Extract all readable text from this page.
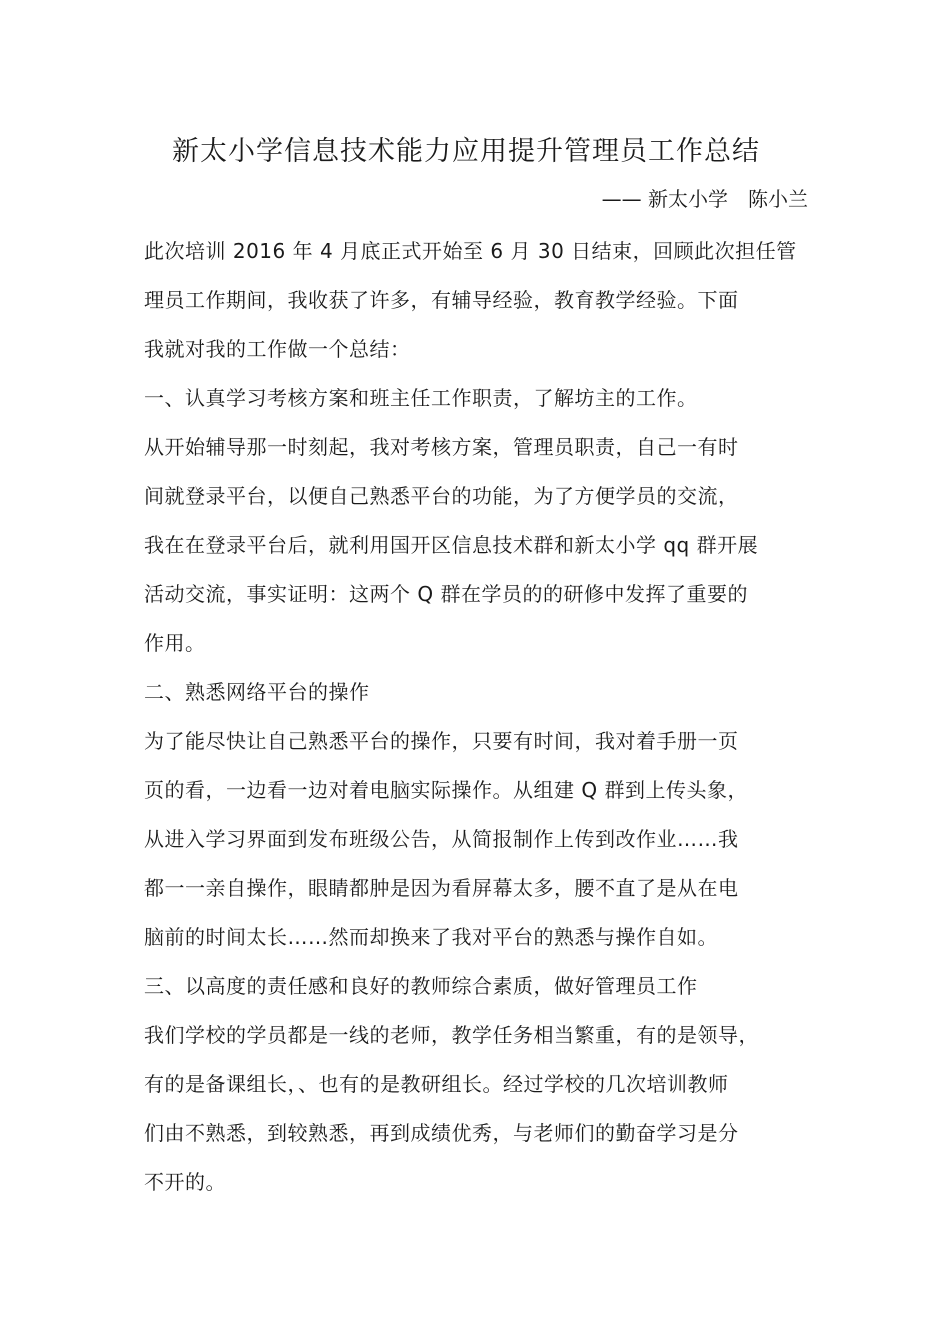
新太小学信息技术能力应用提升管理员工作总结

—— 新太小学　陈小兰

此次培训 2016 年 4 月底正式开始至 6 月 30 日结束，回顾此次担任管
理员工作期间，我收获了许多，有辅导经验，教育教学经验。下面
我就对我的工作做一个总结：
一、认真学习考核方案和班主任工作职责，了解坊主的工作。
从开始辅导那一时刻起，我对考核方案，管理员职责，自己一有时
间就登录平台，以便自己熟悉平台的功能，为了方便学员的交流，
我在在登录平台后，就利用国开区信息技术群和新太小学 qq 群开展
活动交流，事实证明：这两个 Q 群在学员的的研修中发挥了重要的
作用。
二、熟悉网络平台的操作
为了能尽快让自己熟悉平台的操作，只要有时间，我对着手册一页
页的看，一边看一边对着电脑实际操作。从组建 Q 群到上传头象，
从进入学习界面到发布班级公告，从简报制作上传到改作业……我
都一一亲自操作，眼睛都肿是因为看屏幕太多，腰不直了是从在电
脑前的时间太长……然而却换来了我对平台的熟悉与操作自如。
三、以高度的责任感和良好的教师综合素质，做好管理员工作
我们学校的学员都是一线的老师，教学任务相当繁重，有的是领导，
有的是备课组长，、也有的是教研组长。经过学校的几次培训教师
们由不熟悉，到较熟悉，再到成绩优秀，与老师们的勤奋学习是分
不开的。
